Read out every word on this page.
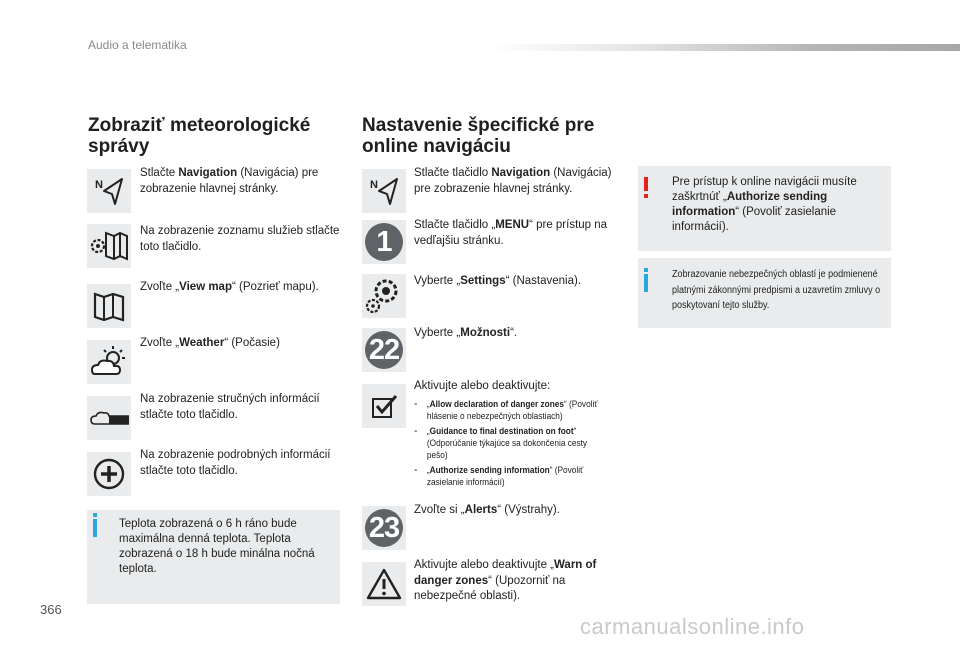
Audio a telematika
Zobraziť meteorologické
správy
N
Stlačte Navigation (Navigácia) pre zobrazenie hlavnej stránky.
Na zobrazenie zoznamu služieb stlačte toto tlačidlo.
Zvoľte „View map“ (Pozrieť mapu).
Zvoľte „Weather“ (Počasie)
Na zobrazenie stručných informácií stlačte toto tlačidlo.
Na zobrazenie podrobných informácií stlačte toto tlačidlo.
Teplota zobrazená o 6 h ráno bude maximálna denná teplota. Teplota zobrazená o 18 h bude minálna nočná teplota.
Nastavenie špecifické pre
online navigáciu
N
Stlačte tlačidlo Navigation (Navigácia) pre zobrazenie hlavnej stránky.
1
Stlačte tlačidlo „MENU“ pre prístup na vedľajšiu stránku.
Vyberte „Settings“ (Nastavenia).
22
Vyberte „Možnosti“.
Aktivujte alebo deaktivujte:
- „Allow declaration of danger zones“ (Povoliť hlásenie o nebezpečných oblastiach)
- „Guidance to final destination on foot“ (Odporúčanie týkajúce sa dokončenia cesty pešo)
- „Authorize sending information“ (Povoliť zasielanie informácií)
23
Zvoľte si „Alerts“ (Výstrahy).
Aktivujte alebo deaktivujte „Warn of danger zones“ (Upozorniť na nebezpečné oblasti).
Pre prístup k online navigácii musíte zaškrtnúť „Authorize sending information“ (Povoliť zasielanie informácií).
Zobrazovanie nebezpečných oblastí je podmienené platnými zákonnými predpismi a uzavretím zmluvy o poskytovaní tejto služby.
366
carmanualsonline.info
